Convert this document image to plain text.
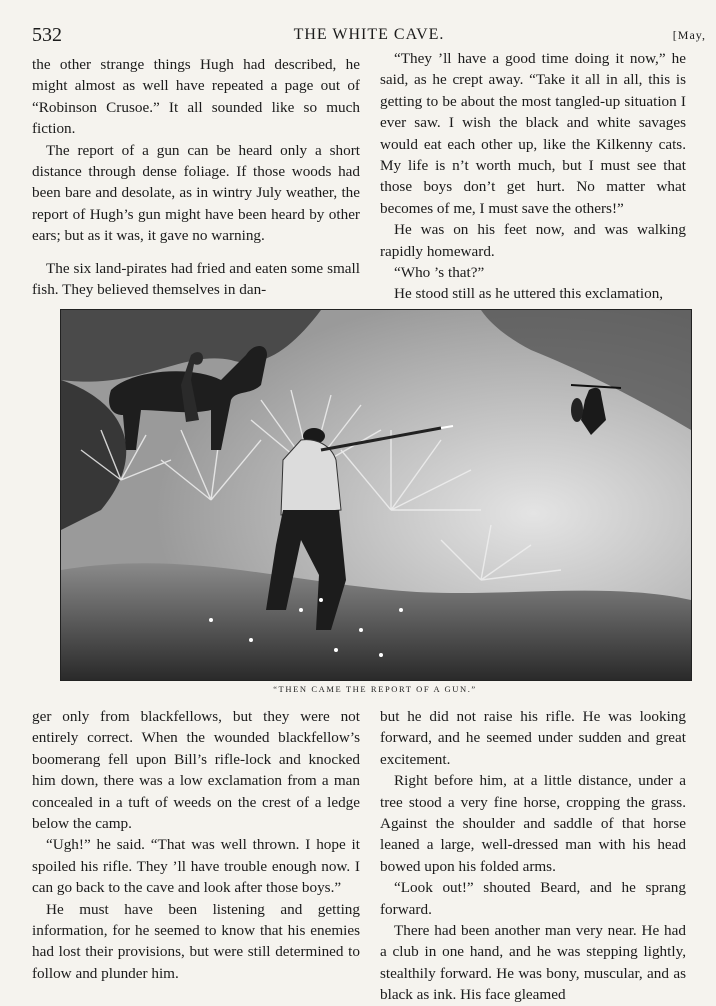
532	THE WHITE CAVE.	[May,

the other strange things Hugh had described, he might almost as well have repeated a page out of “Robinson Crusoe.” It all sounded like so much fiction.

The report of a gun can be heard only a short distance through dense foliage. If those woods had been bare and desolate, as in wintry July weather, the report of Hugh’s gun might have been heard by other ears; but as it was, it gave no warning.

The six land-pirates had fried and eaten some small fish. They believed themselves in dan-

“They ’ll have a good time doing it now,” he said, as he crept away. “Take it all in all, this is getting to be about the most tangled-up situation I ever saw. I wish the black and white savages would eat each other up, like the Kilkenny cats. My life is n’t worth much, but I must see that those boys don’t get hurt. No matter what becomes of me, I must save the others!”

He was on his feet now, and was walking rapidly homeward.

“Who ’s that?”

He stood still as he uttered this exclamation,

“THEN CAME THE REPORT OF A GUN.”

ger only from blackfellows, but they were not entirely correct. When the wounded blackfellow’s boomerang fell upon Bill’s rifle-lock and knocked him down, there was a low exclamation from a man concealed in a tuft of weeds on the crest of a ledge below the camp.

“Ugh!” he said. “That was well thrown. I hope it spoiled his rifle. They ’ll have trouble enough now. I can go back to the cave and look after those boys.”

He must have been listening and getting information, for he seemed to know that his enemies had lost their provisions, but were still determined to follow and plunder him.

but he did not raise his rifle. He was looking forward, and he seemed under sudden and great excitement.

Right before him, at a little distance, under a tree stood a very fine horse, cropping the grass. Against the shoulder and saddle of that horse leaned a large, well-dressed man with his head bowed upon his folded arms.

“Look out!” shouted Beard, and he sprang forward.

There had been another man very near. He had a club in one hand, and he was stepping lightly, stealthily forward. He was bony, muscular, and as black as ink. His face gleamed
